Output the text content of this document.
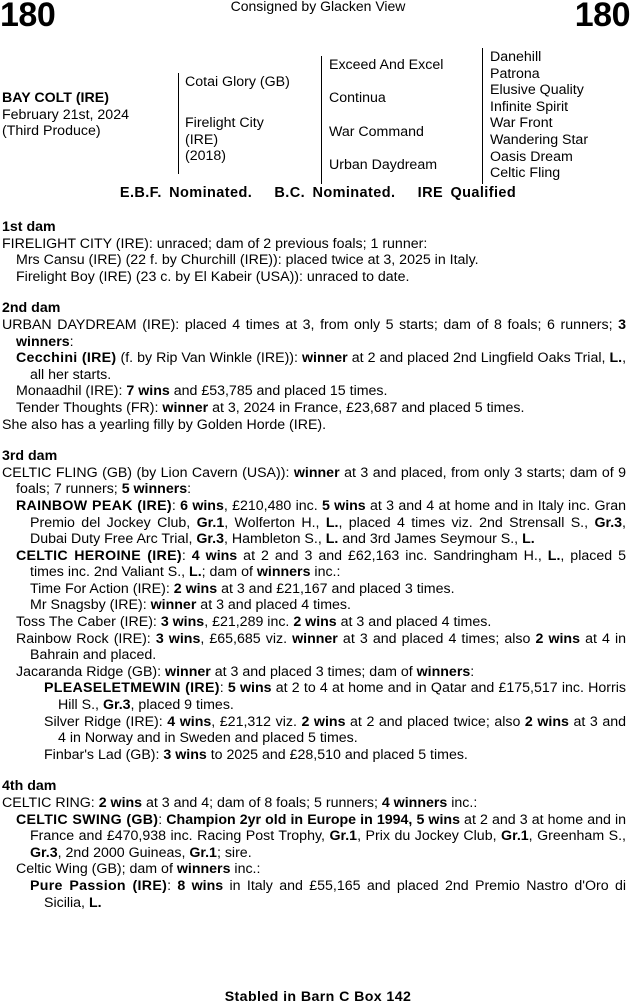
180	Consigned by Glacken View	180
BAY COLT (IRE)
February 21st, 2024
(Third Produce)
Cotai Glory (GB)
Firelight City
(IRE)
(2018)
Exceed And Excel
Continua
War Command
Urban Daydream
Danehill
Patrona
Elusive Quality
Infinite Spirit
War Front
Wandering Star
Oasis Dream
Celtic Fling
E.B.F. Nominated.   B.C. Nominated.   IRE Qualified
1st dam
FIRELIGHT CITY (IRE): unraced; dam of 2 previous foals; 1 runner:
Mrs Cansu (IRE) (22 f. by Churchill (IRE)): placed twice at 3, 2025 in Italy.
Firelight Boy (IRE) (23 c. by El Kabeir (USA)): unraced to date.
2nd dam
URBAN DAYDREAM (IRE): placed 4 times at 3, from only 5 starts; dam of 8 foals; 6 runners; 3 winners:
Cecchini (IRE) (f. by Rip Van Winkle (IRE)): winner at 2 and placed 2nd Lingfield Oaks Trial, L., all her starts.
Monaadhil (IRE): 7 wins and £53,785 and placed 15 times.
Tender Thoughts (FR): winner at 3, 2024 in France, £23,687 and placed 5 times.
She also has a yearling filly by Golden Horde (IRE).
3rd dam
CELTIC FLING (GB) (by Lion Cavern (USA)): winner at 3 and placed, from only 3 starts; dam of 9 foals; 7 runners; 5 winners:
RAINBOW PEAK (IRE): 6 wins, £210,480 inc. 5 wins at 3 and 4 at home and in Italy inc. Gran Premio del Jockey Club, Gr.1, Wolferton H., L., placed 4 times viz. 2nd Strensall S., Gr.3, Dubai Duty Free Arc Trial, Gr.3, Hambleton S., L. and 3rd James Seymour S., L.
CELTIC HEROINE (IRE): 4 wins at 2 and 3 and £62,163 inc. Sandringham H., L., placed 5 times inc. 2nd Valiant S., L.; dam of winners inc.:
Time For Action (IRE): 2 wins at 3 and £21,167 and placed 3 times.
Mr Snagsby (IRE): winner at 3 and placed 4 times.
Toss The Caber (IRE): 3 wins, £21,289 inc. 2 wins at 3 and placed 4 times.
Rainbow Rock (IRE): 3 wins, £65,685 viz. winner at 3 and placed 4 times; also 2 wins at 4 in Bahrain and placed.
Jacaranda Ridge (GB): winner at 3 and placed 3 times; dam of winners:
PLEASELETMEWIN (IRE): 5 wins at 2 to 4 at home and in Qatar and £175,517 inc. Horris Hill S., Gr.3, placed 9 times.
Silver Ridge (IRE): 4 wins, £21,312 viz. 2 wins at 2 and placed twice; also 2 wins at 3 and 4 in Norway and in Sweden and placed 5 times.
Finbar's Lad (GB): 3 wins to 2025 and £28,510 and placed 5 times.
4th dam
CELTIC RING: 2 wins at 3 and 4; dam of 8 foals; 5 runners; 4 winners inc.:
CELTIC SWING (GB): Champion 2yr old in Europe in 1994, 5 wins at 2 and 3 at home and in France and £470,938 inc. Racing Post Trophy, Gr.1, Prix du Jockey Club, Gr.1, Greenham S., Gr.3, 2nd 2000 Guineas, Gr.1; sire.
Celtic Wing (GB); dam of winners inc.:
Pure Passion (IRE): 8 wins in Italy and £55,165 and placed 2nd Premio Nastro d'Oro di Sicilia, L.
Stabled in Barn C Box 142
